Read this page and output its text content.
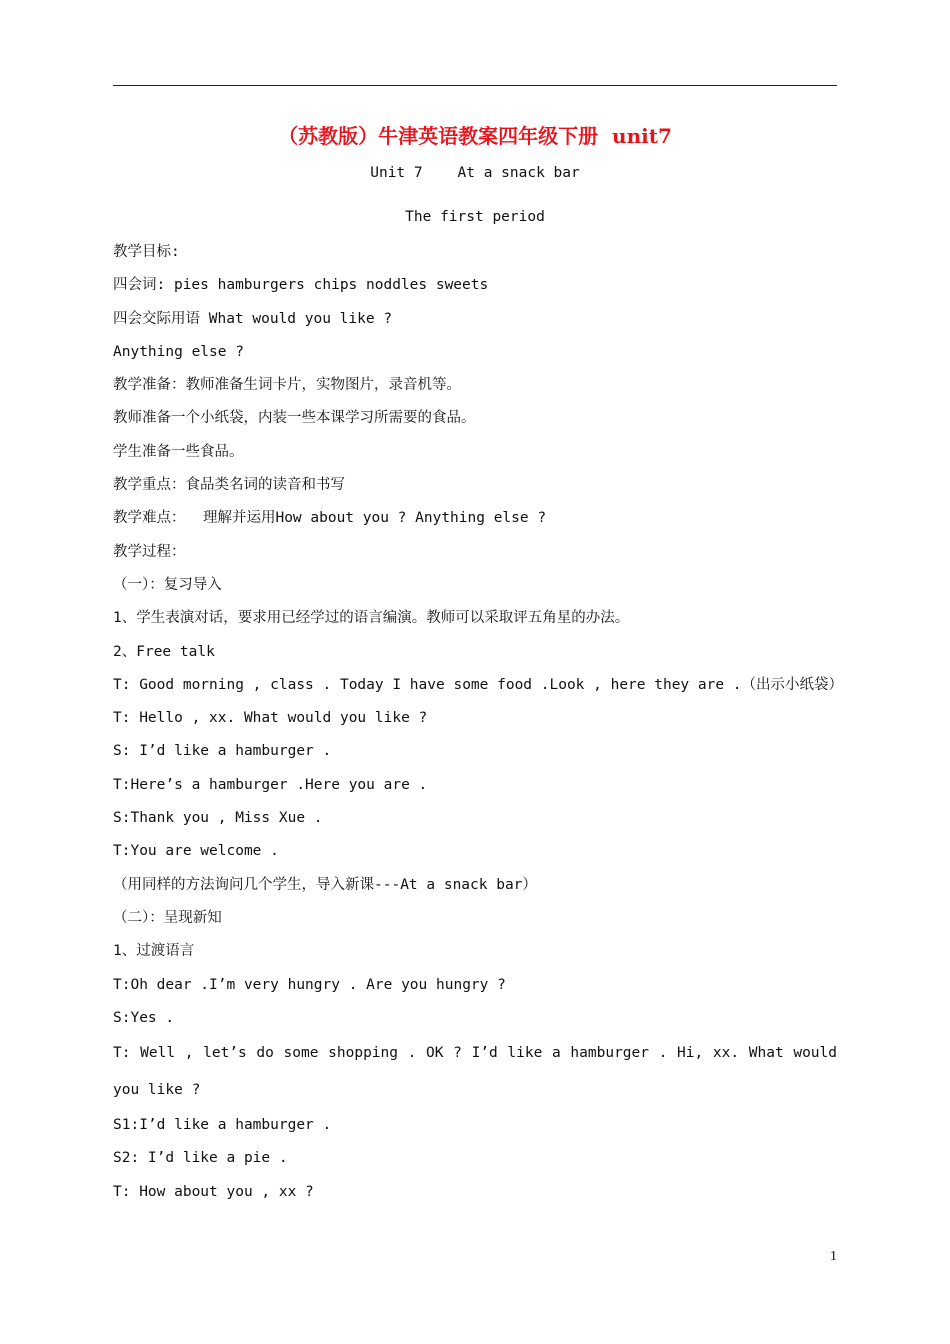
（苏教版）牛津英语教案四年级下册  unit7
Unit 7    At a snack bar
The first period
教学目标:
四会词: pies hamburgers chips noddles sweets
四会交际用语 What would you like ?
Anything else ?
教学准备：教师准备生词卡片，实物图片，录音机等。
教师准备一个小纸袋，内装一些本课学习所需要的食品。
学生准备一些食品。
教学重点：食品类名词的读音和书写
教学难点：  理解并运用How about you ? Anything else ?
教学过程：
（一）：复习导入
1、学生表演对话，要求用已经学过的语言编演。教师可以采取评五角星的办法。
2、Free talk
T: Good morning , class . Today I have some food .Look , here they are .（出示小纸袋）
T: Hello , xx. What would you like ?
S: I’d like a hamburger .
T:Here’s a hamburger .Here you are .
S:Thank you , Miss Xue .
T:You are welcome .
（用同样的方法询问几个学生，导入新课---At a snack bar）
（二）：呈现新知
1、过渡语言
T:Oh dear .I’m very hungry . Are you hungry ?
S:Yes .
T: Well , let’s do some shopping . OK ? I’d like a hamburger . Hi, xx. What would you like ?
S1:I’d like a hamburger .
S2: I’d like a pie .
T: How about you , xx ?
1
